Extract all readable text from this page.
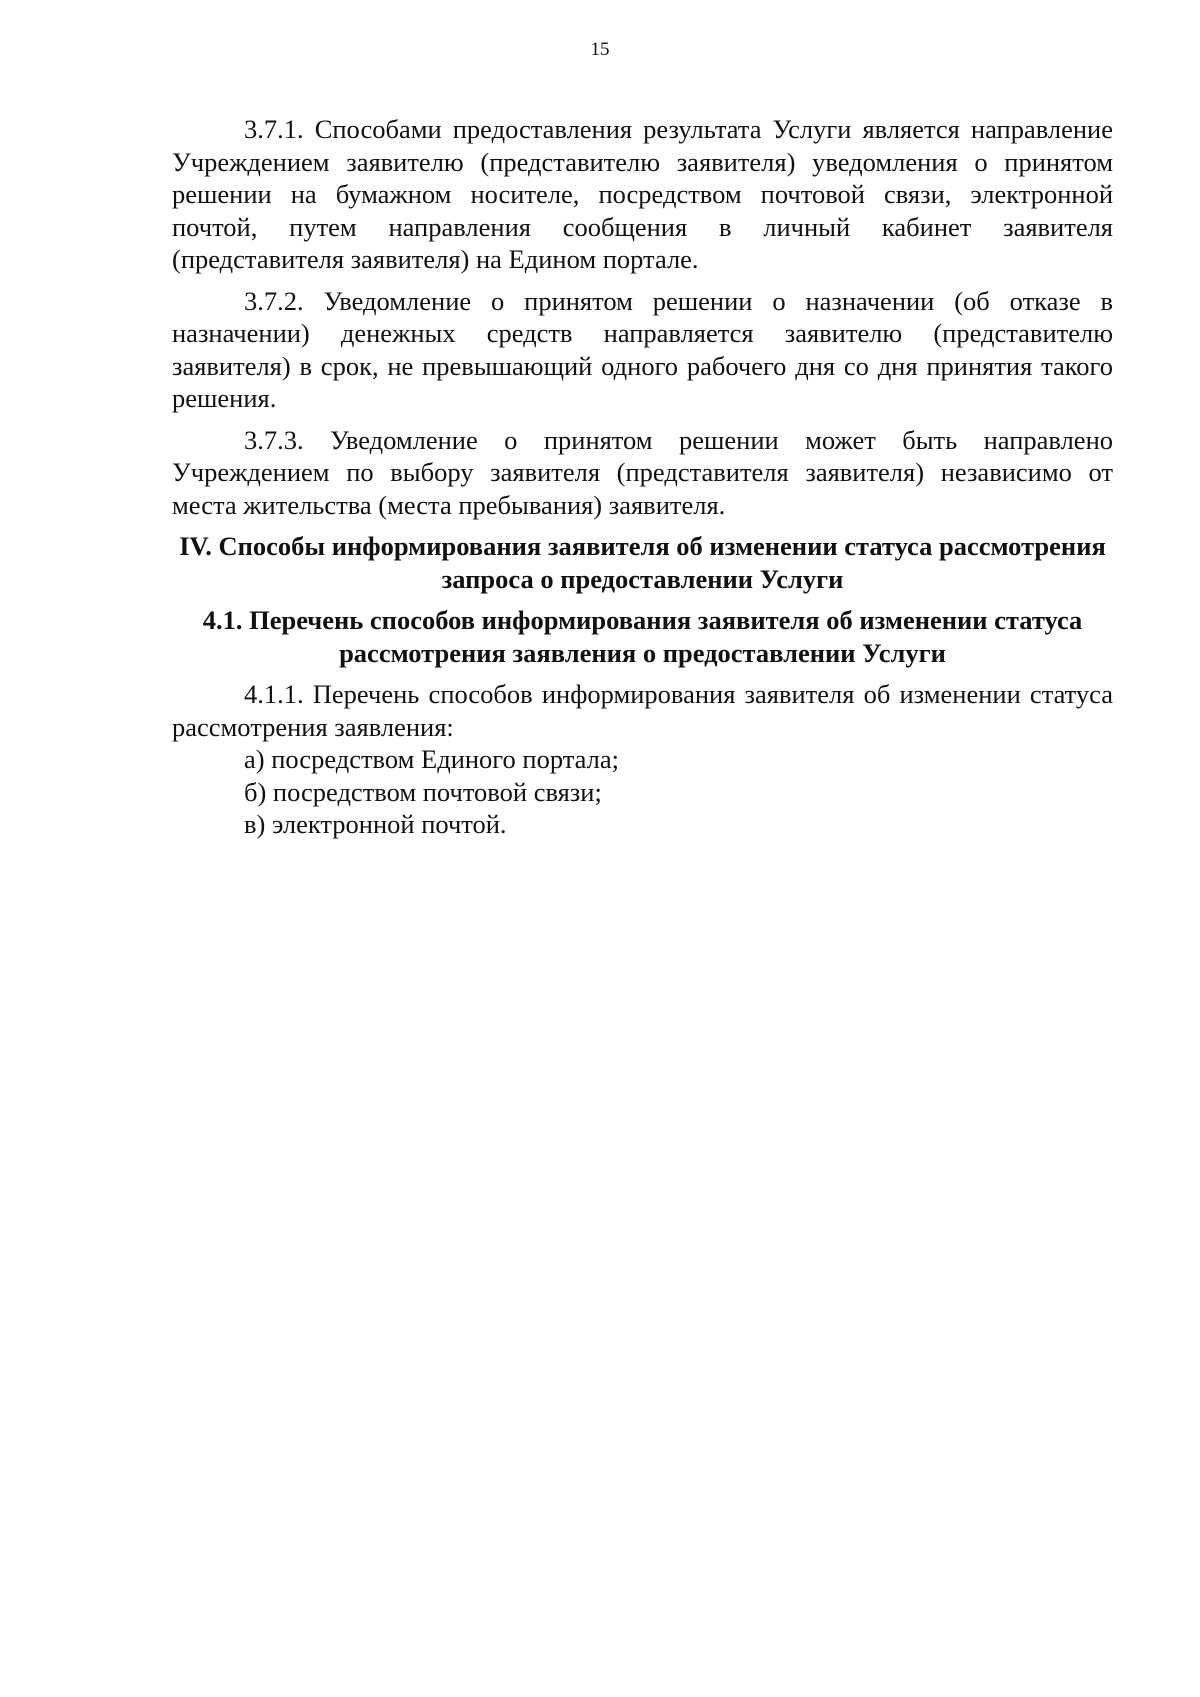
15

3.7.1. Способами предоставления результата Услуги является направление Учреждением заявителю (представителю заявителя) уведомления о принятом решении на бумажном носителе, посредством почтовой связи, электронной почтой, путем направления сообщения в личный кабинет заявителя (представителя заявителя) на Едином портале.

3.7.2. Уведомление о принятом решении о назначении (об отказе в назначении) денежных средств направляется заявителю (представителю заявителя) в срок, не превышающий одного рабочего дня со дня принятия такого решения.

3.7.3. Уведомление о принятом решении может быть направлено Учреждением по выбору заявителя (представителя заявителя) независимо от места жительства (места пребывания) заявителя.

IV. Способы информирования заявителя об изменении статуса рассмотрения запроса о предоставлении Услуги
4.1. Перечень способов информирования заявителя об изменении статуса рассмотрения заявления о предоставлении Услуги

4.1.1. Перечень способов информирования заявителя об изменении статуса рассмотрения заявления:

а) посредством Единого портала;
б) посредством почтовой связи;
в) электронной почтой.
